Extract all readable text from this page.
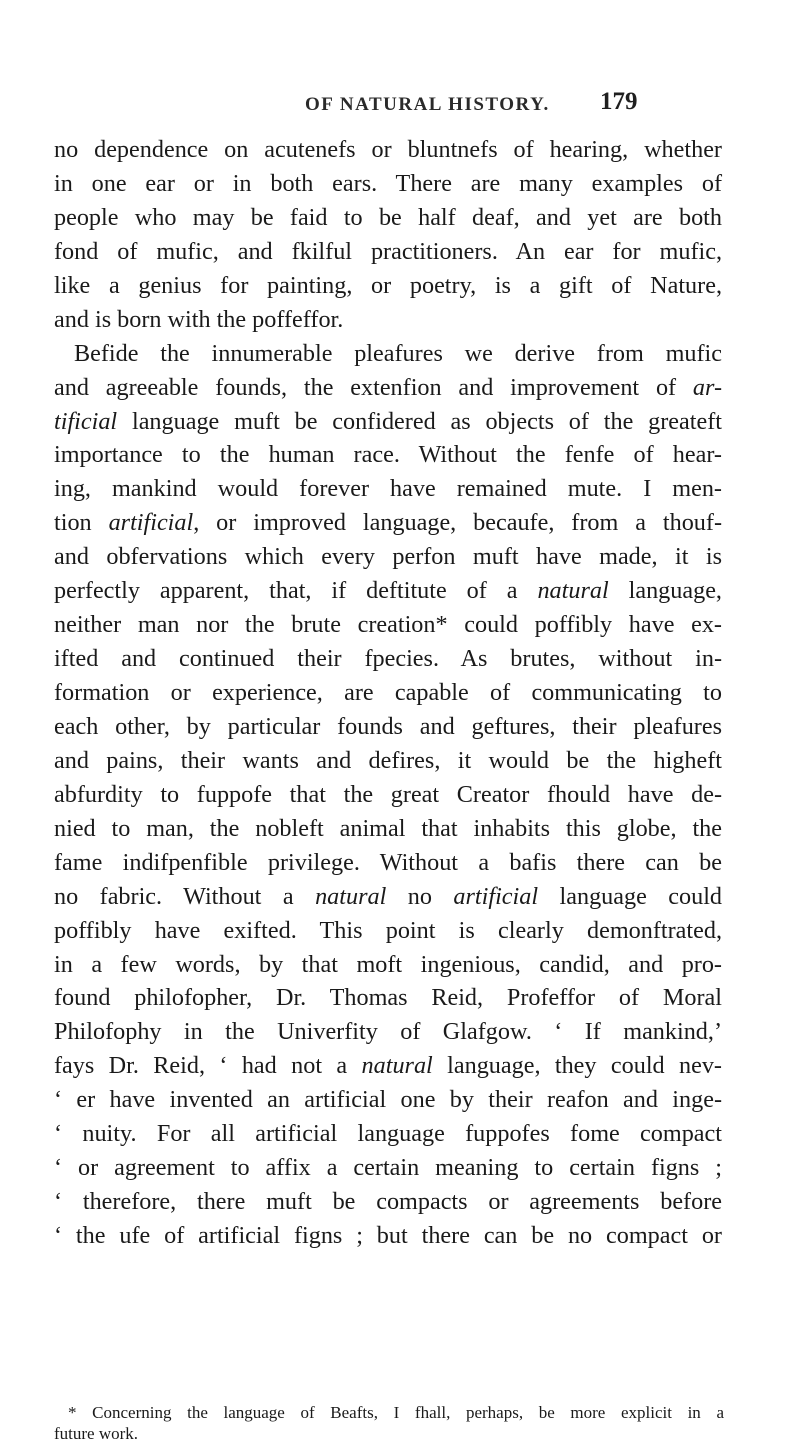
OF NATURAL HISTORY. 179
no dependence on acutenefs or bluntnefs of hearing, whether
in one ear or in both ears. There are many examples of
people who may be faid to be half deaf, and yet are both
fond of mufic, and fkilful practitioners. An ear for mufic,
like a genius for painting, or poetry, is a gift of Nature,
and is born with the poffeffor.
Befide the innumerable pleafures we derive from mufic
and agreeable founds, the extenfion and improvement of ar-
tificial language muft be confidered as objects of the greateft
importance to the human race. Without the fenfe of hear-
ing, mankind would forever have remained mute. I men-
tion artificial, or improved language, becaufe, from a thouf-
and obfervations which every perfon muft have made, it is
perfectly apparent, that, if deftitute of a natural language,
neither man nor the brute creation* could poffibly have ex-
ifted and continued their fpecies. As brutes, without in-
formation or experience, are capable of communicating to
each other, by particular founds and geftures, their pleafures
and pains, their wants and defires, it would be the higheft
abfurdity to fuppofe that the great Creator fhould have de-
nied to man, the nobleft animal that inhabits this globe, the
fame indifpenfible privilege. Without a bafis there can be
no fabric. Without a natural no artificial language could
poffibly have exifted. This point is clearly demonftrated,
in a few words, by that moft ingenious, candid, and pro-
found philofopher, Dr. Thomas Reid, Profeffor of Moral
Philofophy in the Univerfity of Glafgow. ‘ If mankind,’
fays Dr. Reid, ‘ had not a natural language, they could nev-
‘ er have invented an artificial one by their reafon and inge-
‘ nuity. For all artificial language fuppofes fome compact
‘ or agreement to affix a certain meaning to certain figns ;
‘ therefore, there muft be compacts or agreements before
‘ the ufe of artificial figns ; but there can be no compact or
* Concerning the language of Beafts, I fhall, perhaps, be more explicit in a
future work.
